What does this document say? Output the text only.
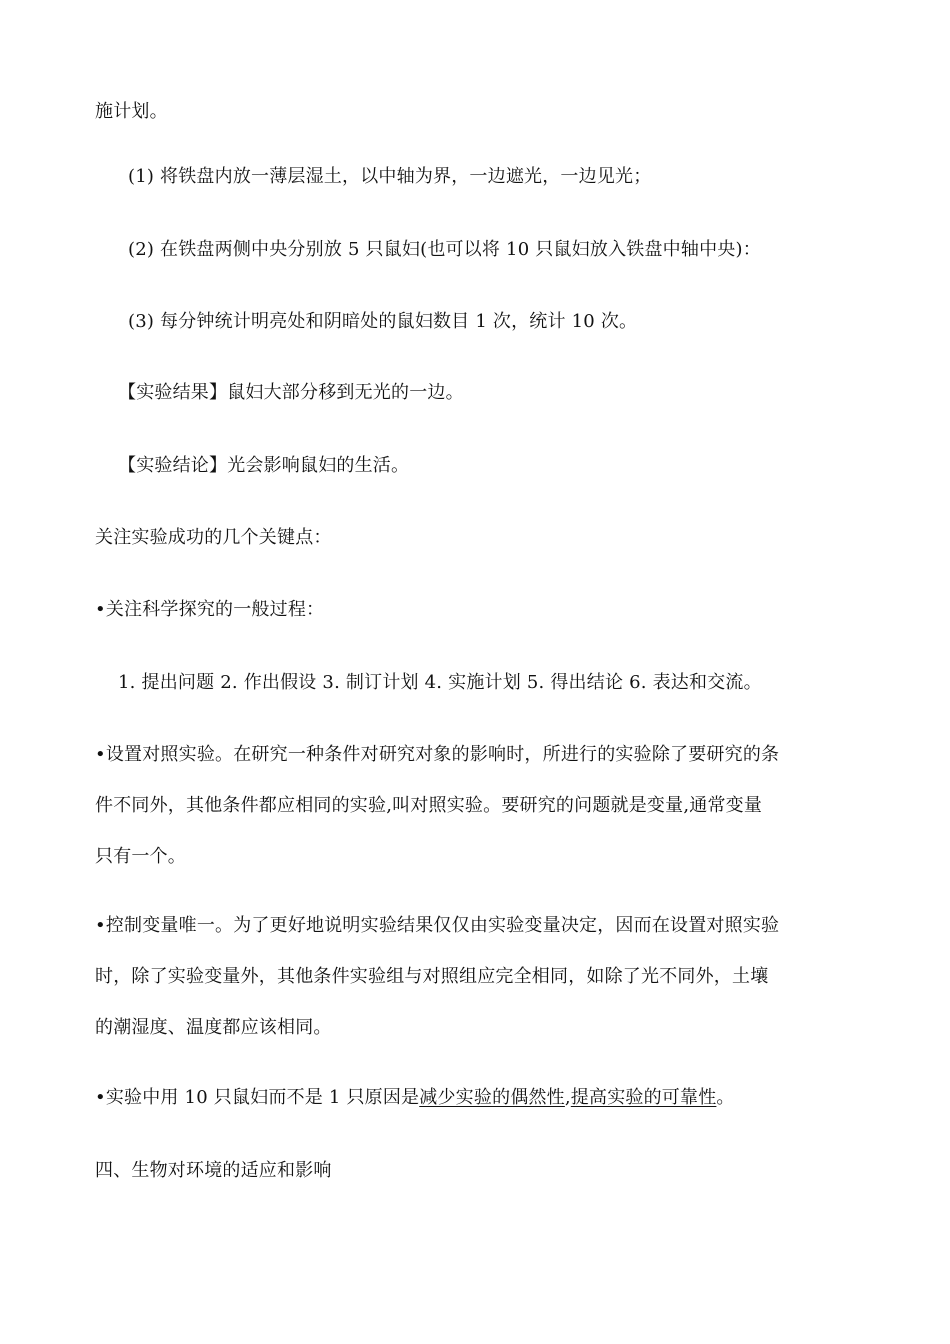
施计划。
(1) 将铁盘内放一薄层湿土，以中轴为界，一边遮光，一边见光；
(2) 在铁盘两侧中央分别放 5 只鼠妇(也可以将 10 只鼠妇放入铁盘中轴中央)：
(3) 每分钟统计明亮处和阴暗处的鼠妇数目 1 次，统计 10 次。
【实验结果】鼠妇大部分移到无光的一边。
【实验结论】光会影响鼠妇的生活。
关注实验成功的几个关键点：
•关注科学探究的一般过程：
1. 提出问题 2. 作出假设 3. 制订计划 4. 实施计划 5. 得出结论 6. 表达和交流。
•设置对照实验。在研究一种条件对研究对象的影响时，所进行的实验除了要研究的条
件不同外，其他条件都应相同的实验,叫对照实验。要研究的问题就是变量,通常变量
只有一个。
•控制变量唯一。为了更好地说明实验结果仅仅由实验变量决定，因而在设置对照实验
时，除了实验变量外，其他条件实验组与对照组应完全相同，如除了光不同外，土壤
的潮湿度、温度都应该相同。
•实验中用 10 只鼠妇而不是 1 只原因是减少实验的偶然性,提高实验的可靠性。
四、生物对环境的适应和影响
